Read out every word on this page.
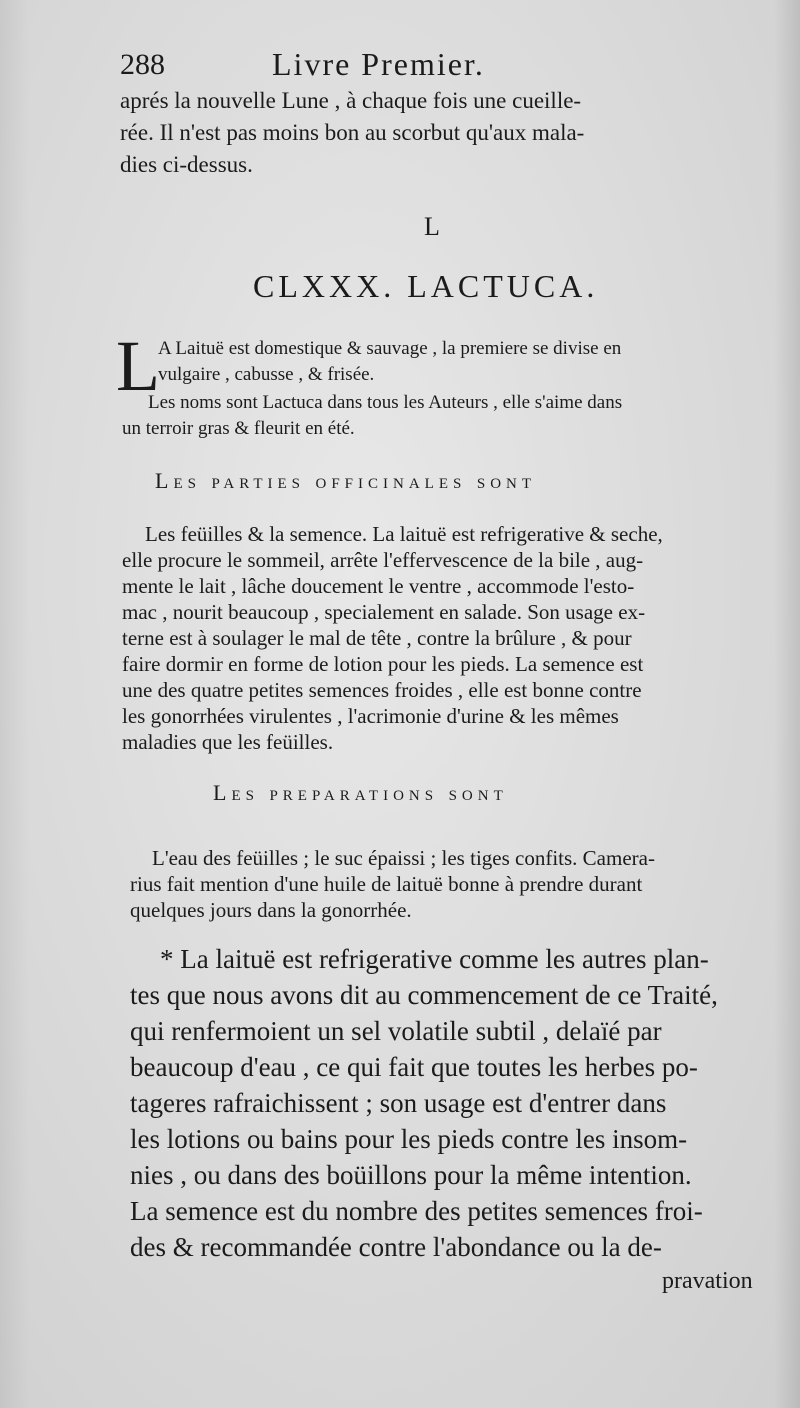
288	Livre Premier.
aprés la nouvelle Lune , à chaque fois une cueille-
rée. Il n'est pas moins bon au scorbut qu'aux mala-
dies ci-dessus.
L
CLXXX. LACTUCA.
L
A Laituë est domestique & sauvage , la premiere se divise en
vulgaire , cabusse , & frisée.
Les noms sont Lactuca dans tous les Auteurs , elle s'aime dans
un terroir gras & fleurit en été.
Les parties officinales sont
Les feüilles & la semence. La laituë est refrigerative & seche,
elle procure le sommeil, arrête l'effervescence de la bile , aug-
mente le lait , lâche doucement le ventre , accommode l'esto-
mac , nourit beaucoup , specialement en salade. Son usage ex-
terne est à soulager le mal de tête , contre la brûlure , & pour
faire dormir en forme de lotion pour les pieds. La semence est
une des quatre petites semences froides , elle est bonne contre
les gonorrhées virulentes , l'acrimonie d'urine & les mêmes
maladies que les feüilles.
Les preparations sont
L'eau des feüilles ; le suc épaissi ; les tiges confits. Camera-
rius fait mention d'une huile de laituë bonne à prendre durant
quelques jours dans la gonorrhée.
* La laituë est refrigerative comme les autres plan-
tes que nous avons dit au commencement de ce Traité,
qui renfermoient un sel volatile subtil , delaïé par
beaucoup d'eau , ce qui fait que toutes les herbes po-
tageres rafraichissent ; son usage est d'entrer dans
les lotions ou bains pour les pieds contre les insom-
nies , ou dans des boüillons pour la même intention.
La semence est du nombre des petites semences froi-
des & recommandée contre l'abondance ou la de-
pravation
